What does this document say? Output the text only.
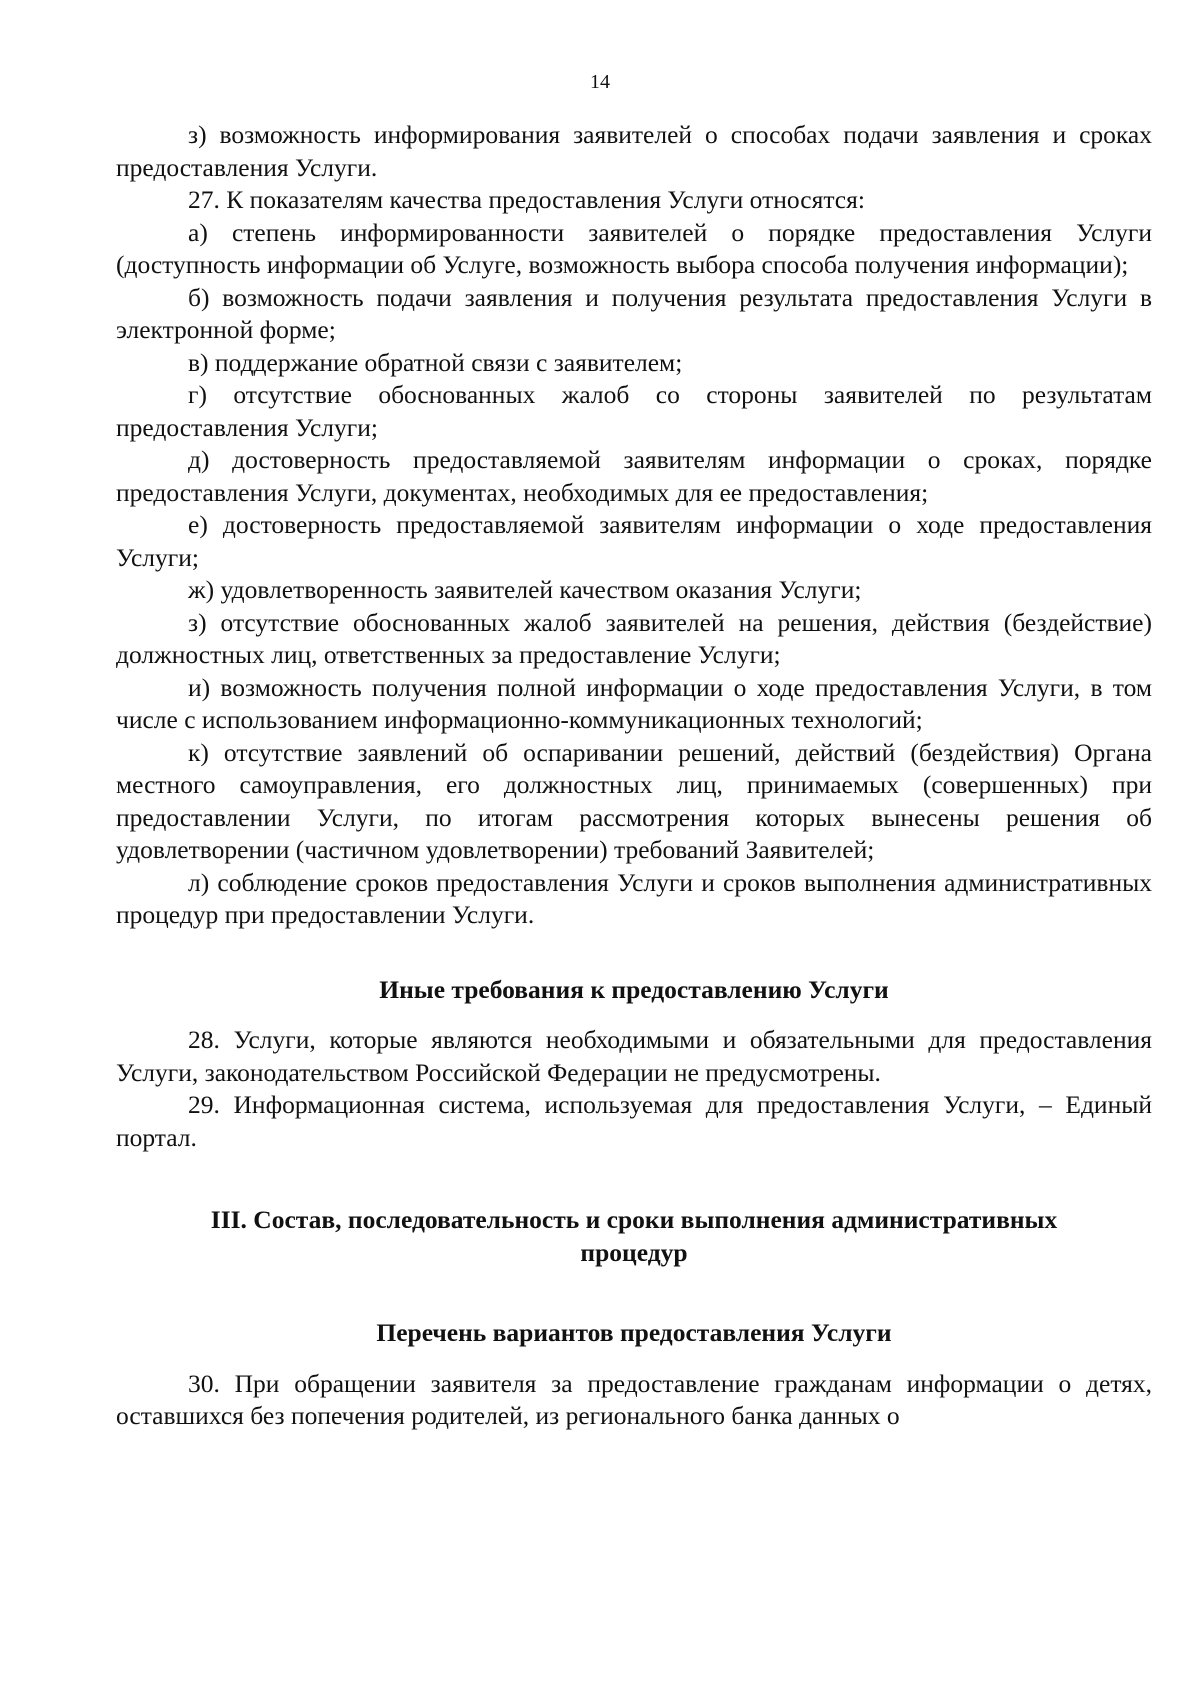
14

з) возможность информирования заявителей о способах подачи заявления и сроках предоставления Услуги.

27. К показателям качества предоставления Услуги относятся:

а) степень информированности заявителей о порядке предоставления Услуги (доступность информации об Услуге, возможность выбора способа получения информации);

б) возможность подачи заявления и получения результата предоставления Услуги в электронной форме;

в) поддержание обратной связи с заявителем;

г) отсутствие обоснованных жалоб со стороны заявителей по результатам предоставления Услуги;

д) достоверность предоставляемой заявителям информации о сроках, порядке предоставления Услуги, документах, необходимых для ее предоставления;

е) достоверность предоставляемой заявителям информации о ходе предоставления Услуги;

ж) удовлетворенность заявителей качеством оказания Услуги;

з) отсутствие обоснованных жалоб заявителей на решения, действия (бездействие) должностных лиц, ответственных за предоставление Услуги;

и) возможность получения полной информации о ходе предоставления Услуги, в том числе с использованием информационно-коммуникационных технологий;

к) отсутствие заявлений об оспаривании решений, действий (бездействия) Органа местного самоуправления, его должностных лиц, принимаемых (совершенных) при предоставлении Услуги, по итогам рассмотрения которых вынесены решения об удовлетворении (частичном удовлетворении) требований Заявителей;

л) соблюдение сроков предоставления Услуги и сроков выполнения административных процедур при предоставлении Услуги.

Иные требования к предоставлению Услуги

28. Услуги, которые являются необходимыми и обязательными для предоставления Услуги, законодательством Российской Федерации не предусмотрены.

29. Информационная система, используемая для предоставления Услуги, – Единый портал.

III. Состав, последовательность и сроки выполнения административных
процедур
Перечень вариантов предоставления Услуги

30. При обращении заявителя за предоставление гражданам информации о детях, оставшихся без попечения родителей, из регионального банка данных о
